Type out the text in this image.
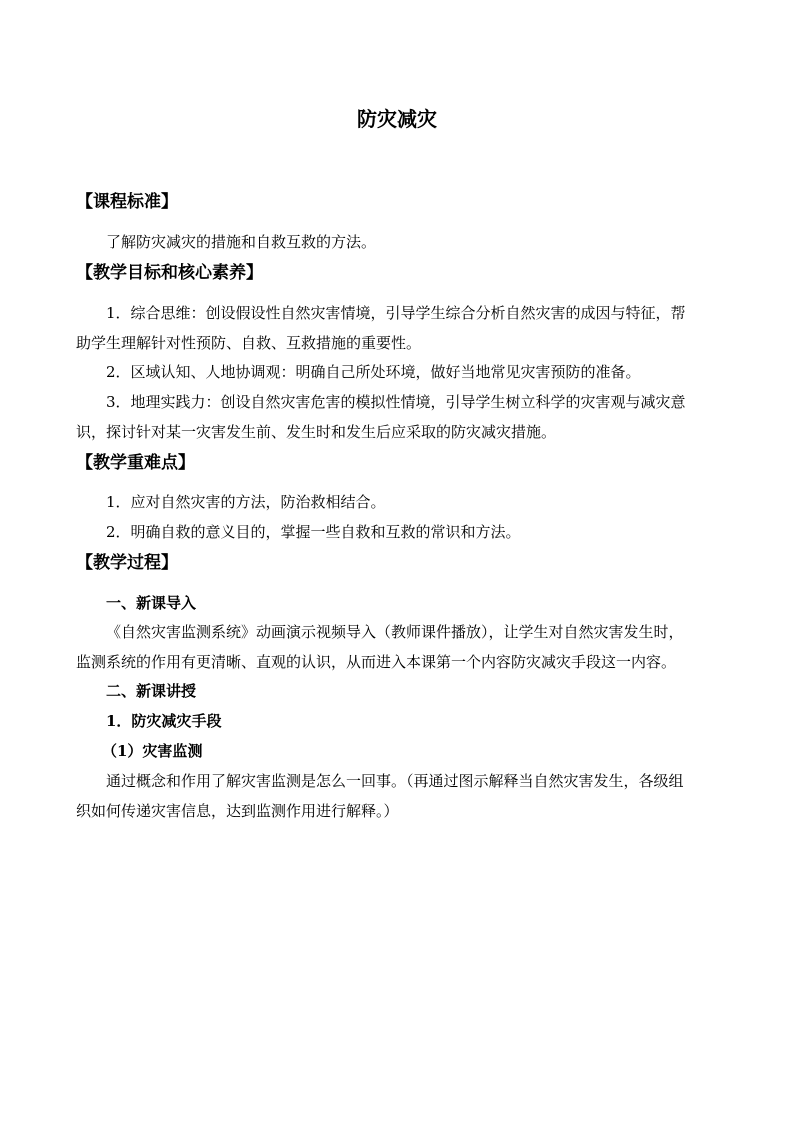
防灾减灾
【课程标准】
了解防灾减灾的措施和自救互救的方法。
【教学目标和核心素养】
1．综合思维：创设假设性自然灾害情境，引导学生综合分析自然灾害的成因与特征，帮
助学生理解针对性预防、自救、互救措施的重要性。
2．区域认知、人地协调观：明确自己所处环境，做好当地常见灾害预防的准备。
3．地理实践力：创设自然灾害危害的模拟性情境，引导学生树立科学的灾害观与减灾意
识，探讨针对某一灾害发生前、发生时和发生后应采取的防灾减灾措施。
【教学重难点】
1．应对自然灾害的方法，防治救相结合。
2．明确自救的意义目的，掌握一些自救和互救的常识和方法。
【教学过程】
一、新课导入
《自然灾害监测系统》动画演示视频导入（教师课件播放），让学生对自然灾害发生时，
监测系统的作用有更清晰、直观的认识，从而进入本课第一个内容防灾减灾手段这一内容。
二、新课讲授
1．防灾减灾手段
（1）灾害监测
通过概念和作用了解灾害监测是怎么一回事。（再通过图示解释当自然灾害发生，各级组
织如何传递灾害信息，达到监测作用进行解释。）
